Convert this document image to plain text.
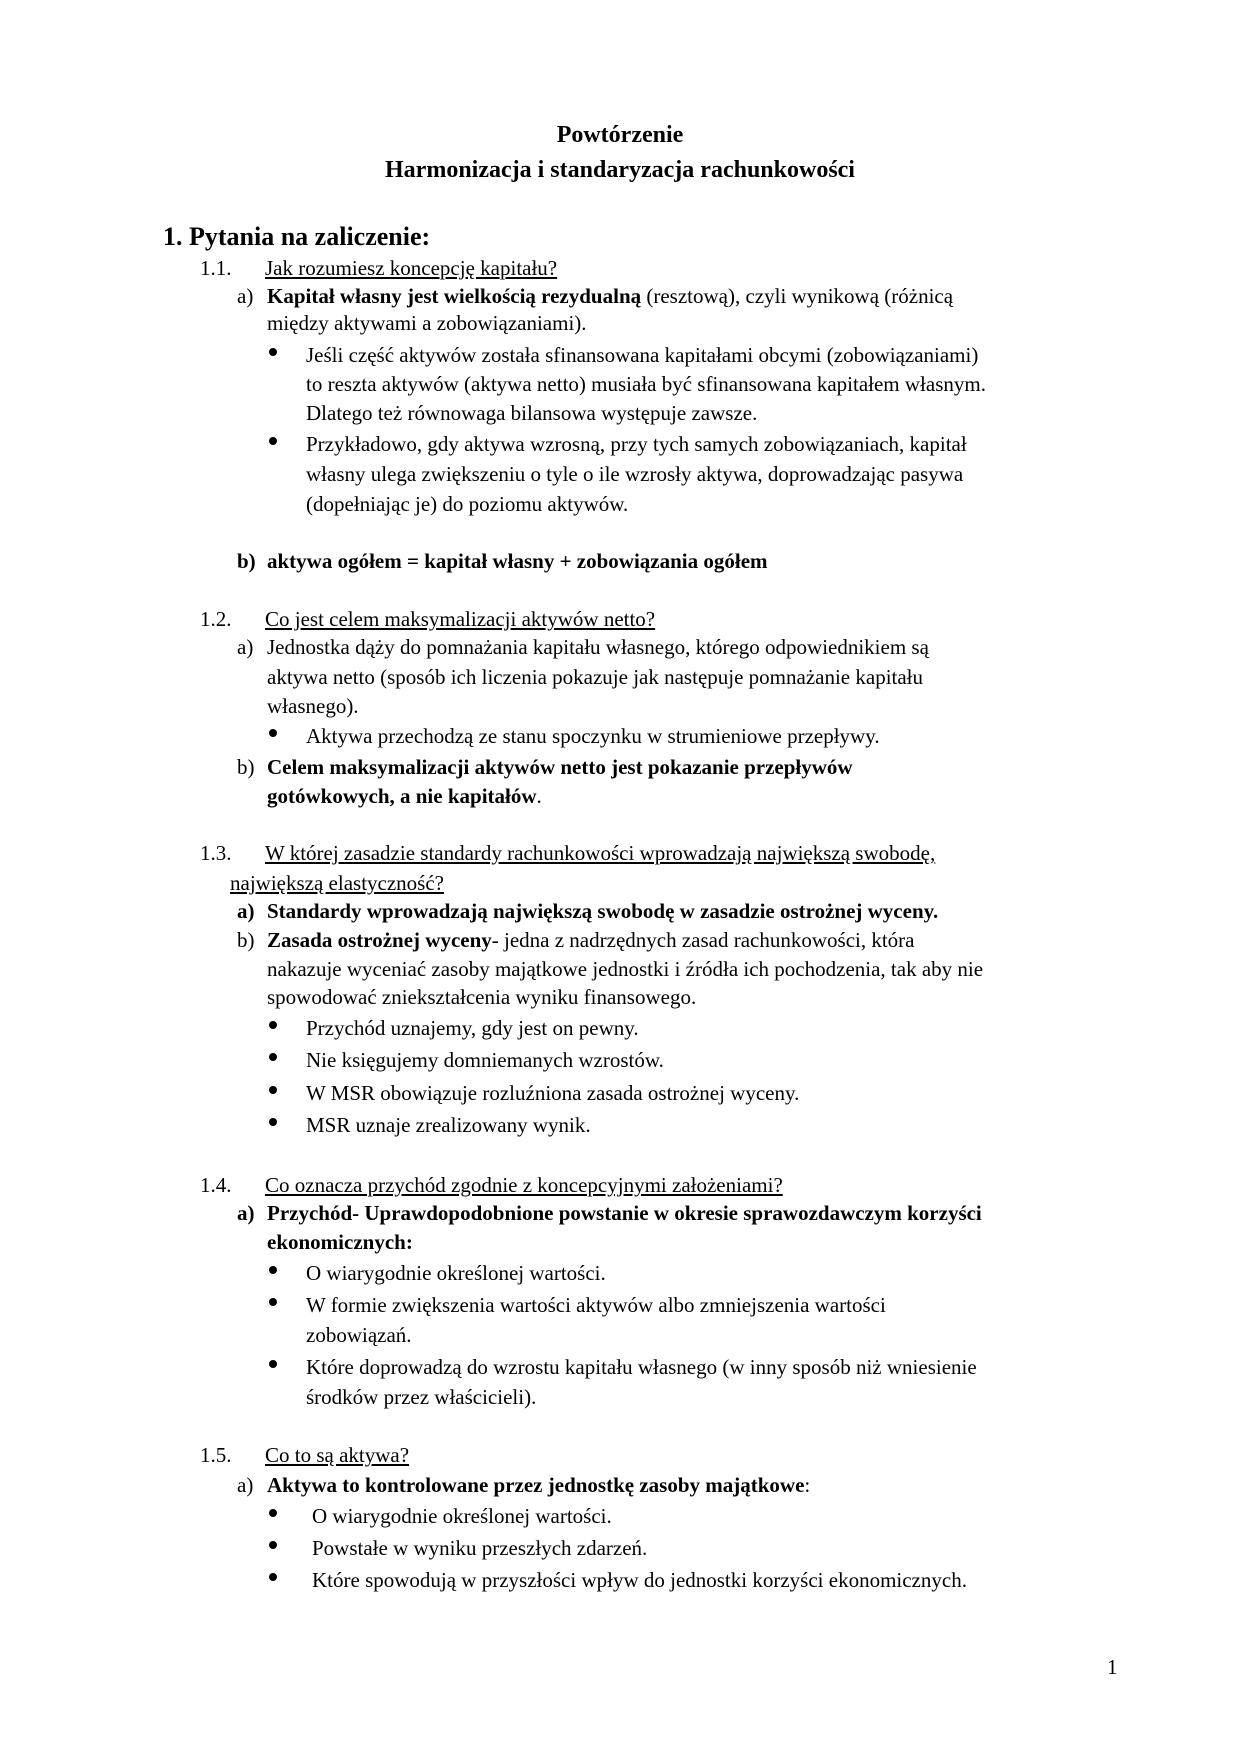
Powtórzenie
Harmonizacja i standaryzacja rachunkowości
1. Pytania na zaliczenie:
1.1. Jak rozumiesz koncepcję kapitału?
a) Kapitał własny jest wielkością rezydualną (resztową), czyli wynikową (różnicą
między aktywami a zobowiązaniami).
Jeśli część aktywów została sfinansowana kapitałami obcymi (zobowiązaniami)
to reszta aktywów (aktywa netto) musiała być sfinansowana kapitałem własnym.
Dlatego też równowaga bilansowa występuje zawsze.
Przykładowo, gdy aktywa wzrosną, przy tych samych zobowiązaniach, kapitał
własny ulega zwiększeniu o tyle o ile wzrosły aktywa, doprowadzając pasywa
(dopełniając je) do poziomu aktywów.
b) aktywa ogółem = kapitał własny + zobowiązania ogółem
1.2. Co jest celem maksymalizacji aktywów netto?
a) Jednostka dąży do pomnażania kapitału własnego, którego odpowiednikiem są
aktywa netto (sposób ich liczenia pokazuje jak następuje pomnażanie kapitału
własnego).
Aktywa przechodzą ze stanu spoczynku w strumieniowe przepływy.
b) Celem maksymalizacji aktywów netto jest pokazanie przepływów
gotówkowych, a nie kapitałów.
1.3. W której zasadzie standardy rachunkowości wprowadzają największą swobodę,
największą elastyczność?
a) Standardy wprowadzają największą swobodę w zasadzie ostrożnej wyceny.
b) Zasada ostrożnej wyceny- jedna z nadrzędnych zasad rachunkowości, która
nakazuje wyceniać zasoby majątkowe jednostki i źródła ich pochodzenia, tak aby nie
spowodować zniekształcenia wyniku finansowego.
Przychód uznajemy, gdy jest on pewny.
Nie księgujemy domniemanych wzrostów.
W MSR obowiązuje rozluźniona zasada ostrożnej wyceny.
MSR uznaje zrealizowany wynik.
1.4. Co oznacza przychód zgodnie z koncepcyjnymi założeniami?
a) Przychód- Uprawdopodobnione powstanie w okresie sprawozdawczym korzyści
ekonomicznych:
O wiarygodnie określonej wartości.
W formie zwiększenia wartości aktywów albo zmniejszenia wartości
zobowiązań.
Które doprowadzą do wzrostu kapitału własnego (w inny sposób niż wniesienie
środków przez właścicieli).
1.5. Co to są aktywa?
a) Aktywa to kontrolowane przez jednostkę zasoby majątkowe:
O wiarygodnie określonej wartości.
Powstałe w wyniku przeszłych zdarzeń.
Które spowodują w przyszłości wpływ do jednostki korzyści ekonomicznych.
1
